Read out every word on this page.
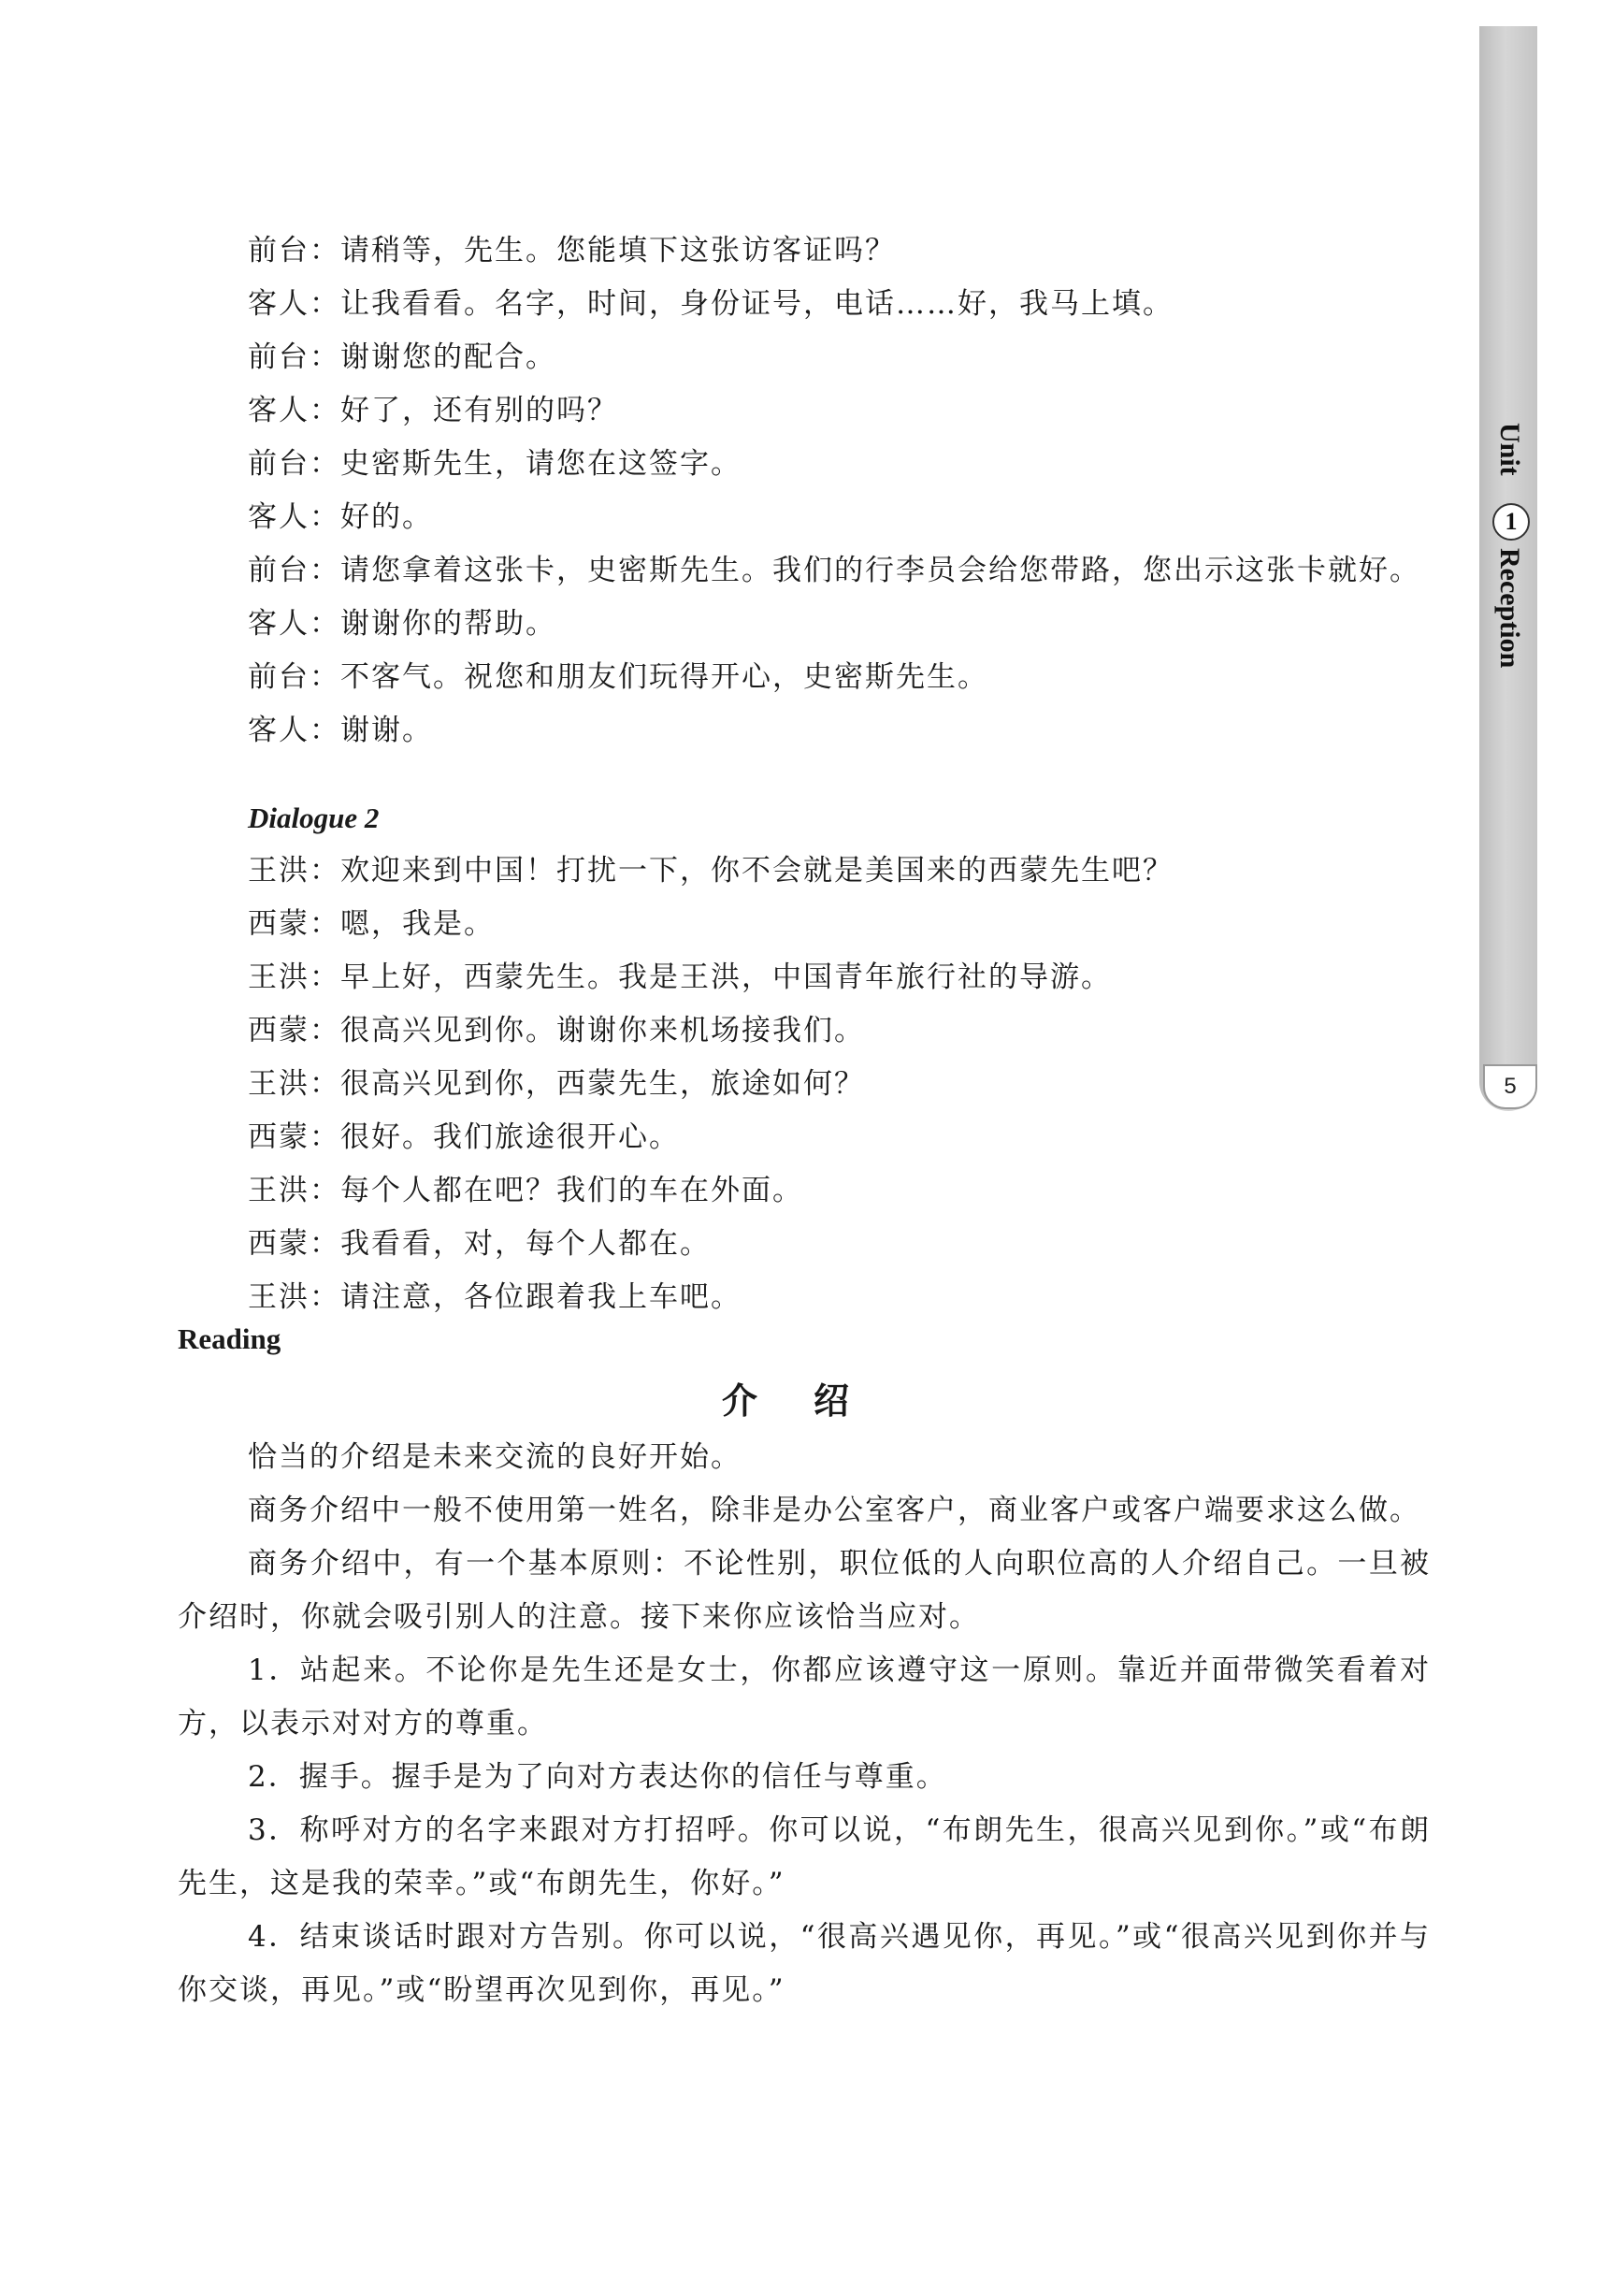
Unit
1
Reception
5
前台：请稍等，先生。您能填下这张访客证吗？
客人：让我看看。名字，时间，身份证号，电话……好，我马上填。
前台：谢谢您的配合。
客人：好了，还有别的吗？
前台：史密斯先生，请您在这签字。
客人：好的。
前台：请您拿着这张卡，史密斯先生。我们的行李员会给您带路，您出示这张卡就好。
客人：谢谢你的帮助。
前台：不客气。祝您和朋友们玩得开心，史密斯先生。
客人：谢谢。
Dialogue 2
王洪：欢迎来到中国！打扰一下，你不会就是美国来的西蒙先生吧？
西蒙：嗯，我是。
王洪：早上好，西蒙先生。我是王洪，中国青年旅行社的导游。
西蒙：很高兴见到你。谢谢你来机场接我们。
王洪：很高兴见到你，西蒙先生，旅途如何？
西蒙：很好。我们旅途很开心。
王洪：每个人都在吧？我们的车在外面。
西蒙：我看看，对，每个人都在。
王洪：请注意，各位跟着我上车吧。
Reading
介绍

恰当的介绍是未来交流的良好开始。

商务介绍中一般不使用第一姓名，除非是办公室客户，商业客户或客户端要求这么做。

商务介绍中，有一个基本原则：不论性别，职位低的人向职位高的人介绍自己。一旦被介绍时，你就会吸引别人的注意。接下来你应该恰当应对。

1．站起来。不论你是先生还是女士，你都应该遵守这一原则。靠近并面带微笑看着对方，以表示对对方的尊重。

2．握手。握手是为了向对方表达你的信任与尊重。

3．称呼对方的名字来跟对方打招呼。你可以说，“布朗先生，很高兴见到你。”或“布朗先生，这是我的荣幸。”或“布朗先生，你好。”

4．结束谈话时跟对方告别。你可以说，“很高兴遇见你，再见。”或“很高兴见到你并与你交谈，再见。”或“盼望再次见到你，再见。”
